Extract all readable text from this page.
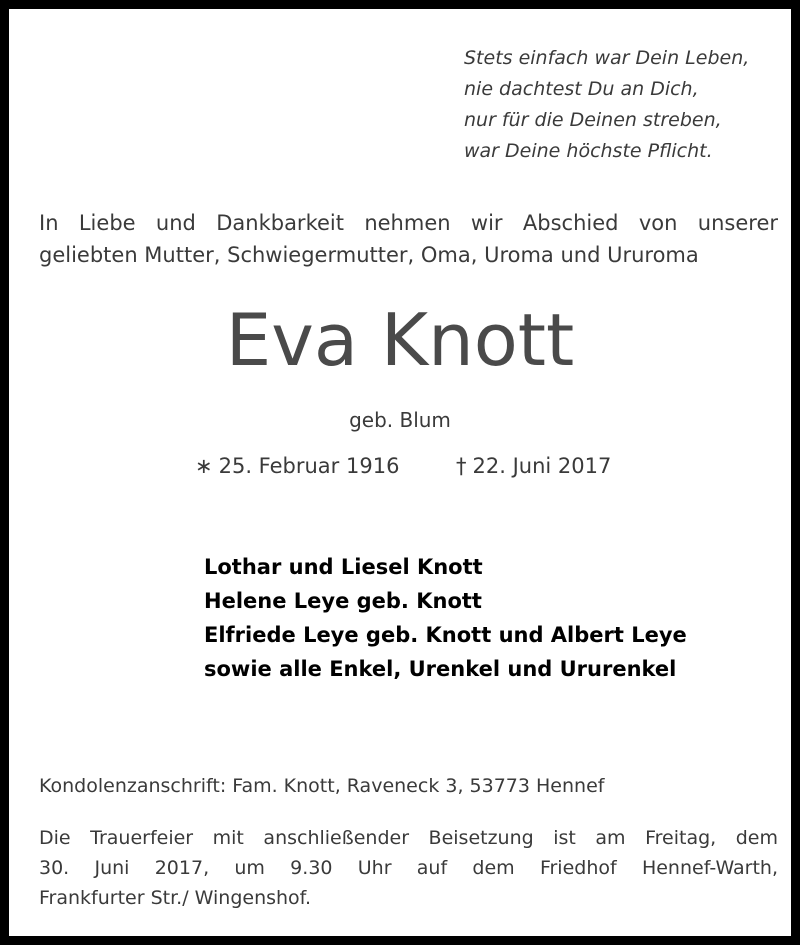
Stets einfach war Dein Leben,
nie dachtest Du an Dich,
nur für die Deinen streben,
war Deine höchste Pflicht.
In Liebe und Dankbarkeit nehmen wir Abschied von unserer
geliebten Mutter, Schwiegermutter, Oma, Uroma und Ururoma
Eva Knott
geb. Blum
∗ 25. Februar 1916	† 22. Juni 2017
Lothar und Liesel Knott
Helene Leye geb. Knott
Elfriede Leye geb. Knott und Albert Leye
sowie alle Enkel, Urenkel und Ururenkel
Kondolenzanschrift: Fam. Knott, Raveneck 3, 53773 Hennef
Die Trauerfeier mit anschließender Beisetzung ist am Freitag, dem
30. Juni 2017, um 9.30 Uhr auf dem Friedhof Hennef-Warth,
Frankfurter Str./ Wingenshof.
